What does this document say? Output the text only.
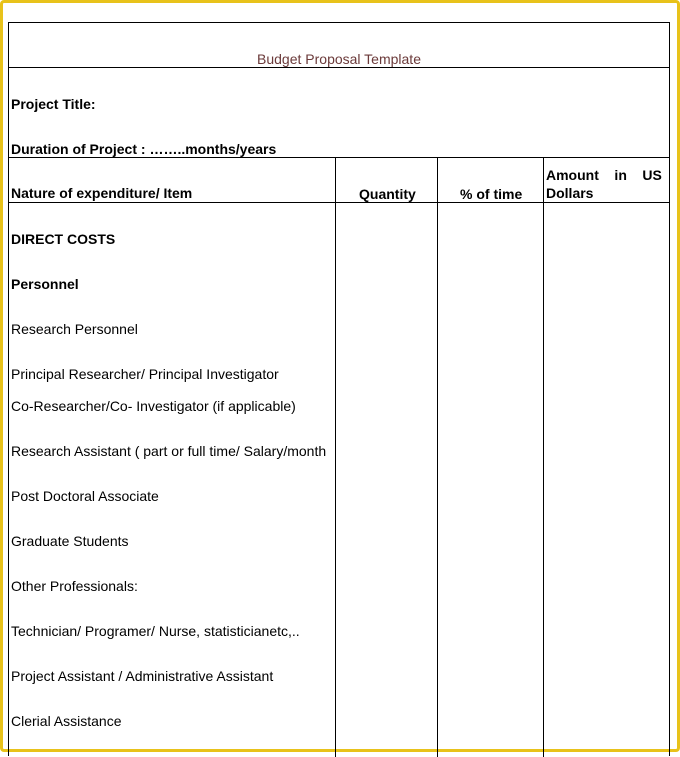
Budget Proposal Template
Project Title:
Duration of Project : ……..months/years
Nature of expenditure/ Item	Quantity	% of time
Amount    in    US
Dollars
DIRECT COSTS
Personnel
Research Personnel
Principal Researcher/ Principal Investigator
Co-Researcher/Co- Investigator (if applicable)
Research Assistant ( part or full time/ Salary/month
Post Doctoral Associate
Graduate Students
Other Professionals:
Technician/ Programer/ Nurse, statisticianetc,..
Project Assistant / Administrative Assistant
Clerial Assistance
